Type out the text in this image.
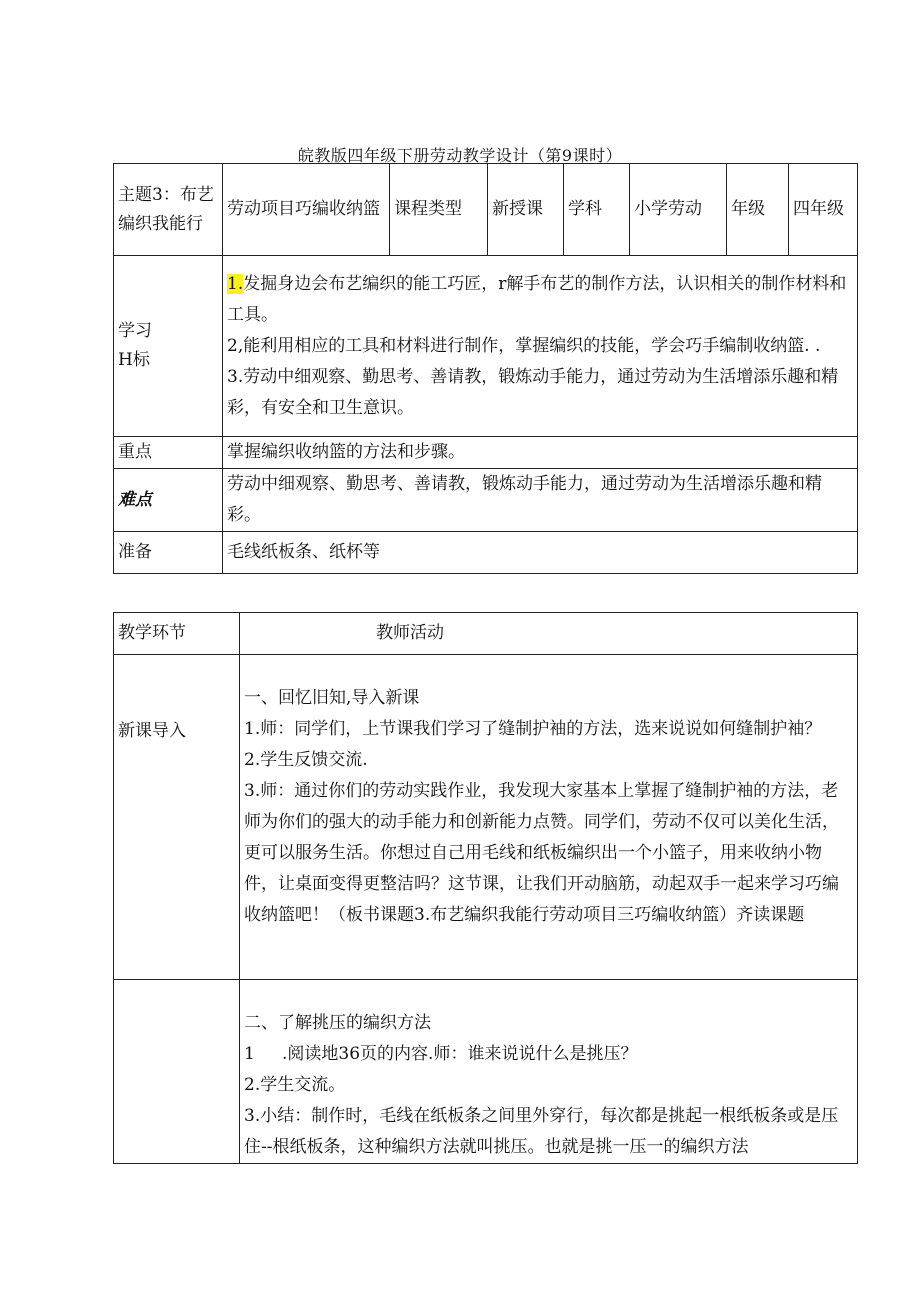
皖教版四年级下册劳动教学设计（第9课时）
主题3：布艺编织我能行	劳动项目巧编收纳篮	课程类型	新授课	学科	小学劳动	年级	四年级

学习
H标	1.发掘身边会布艺编织的能工巧匠，r解手布艺的制作方法，认识相关的制作材料和工具。
2,能利用相应的工具和材料进行制作，掌握编织的技能，学会巧手编制收纳篮. .
3.劳动中细观察、勤思考、善请教，锻炼动手能力，通过劳动为生活增添乐趣和精彩，有安全和卫生意识。						

重点	掌握编织收纳篮的方法和步骤。						
难点	劳动中细观察、勤思考、善请教，锻炼动手能力，通过劳动为生活增添乐趣和精彩。						
准备	毛线纸板条、纸杯等						
教学环节	教师活动
新课导入	一、回忆旧知,导入新课
1.师：同学们，上节课我们学习了缝制护袖的方法，选来说说如何缝制护袖？
2.学生反馈交流.
3.师：通过你们的劳动实践作业，我发现大家基本上掌握了缝制护袖的方法，老师为你们的强大的动手能力和创新能力点赞。同学们，劳动不仅可以美化生活，更可以服务生活。你想过自己用毛线和纸板编织出一个小篮子，用来收纳小物件，让桌面变得更整洁吗？这节课，让我们开动脑筋，动起双手一起来学习巧编收纳篮吧！（板书课题3.布艺编织我能行劳动项目三巧编收纳篮）齐读课题

	二、了解挑压的编织方法
1 .阅读地36页的内容.师：谁来说说什么是挑压？
2.学生交流。
3.小结：制作时，毛线在纸板条之间里外穿行，每次都是挑起一根纸板条或是压住--根纸板条，这种编织方法就叫挑压。也就是挑一压一的编织方法
